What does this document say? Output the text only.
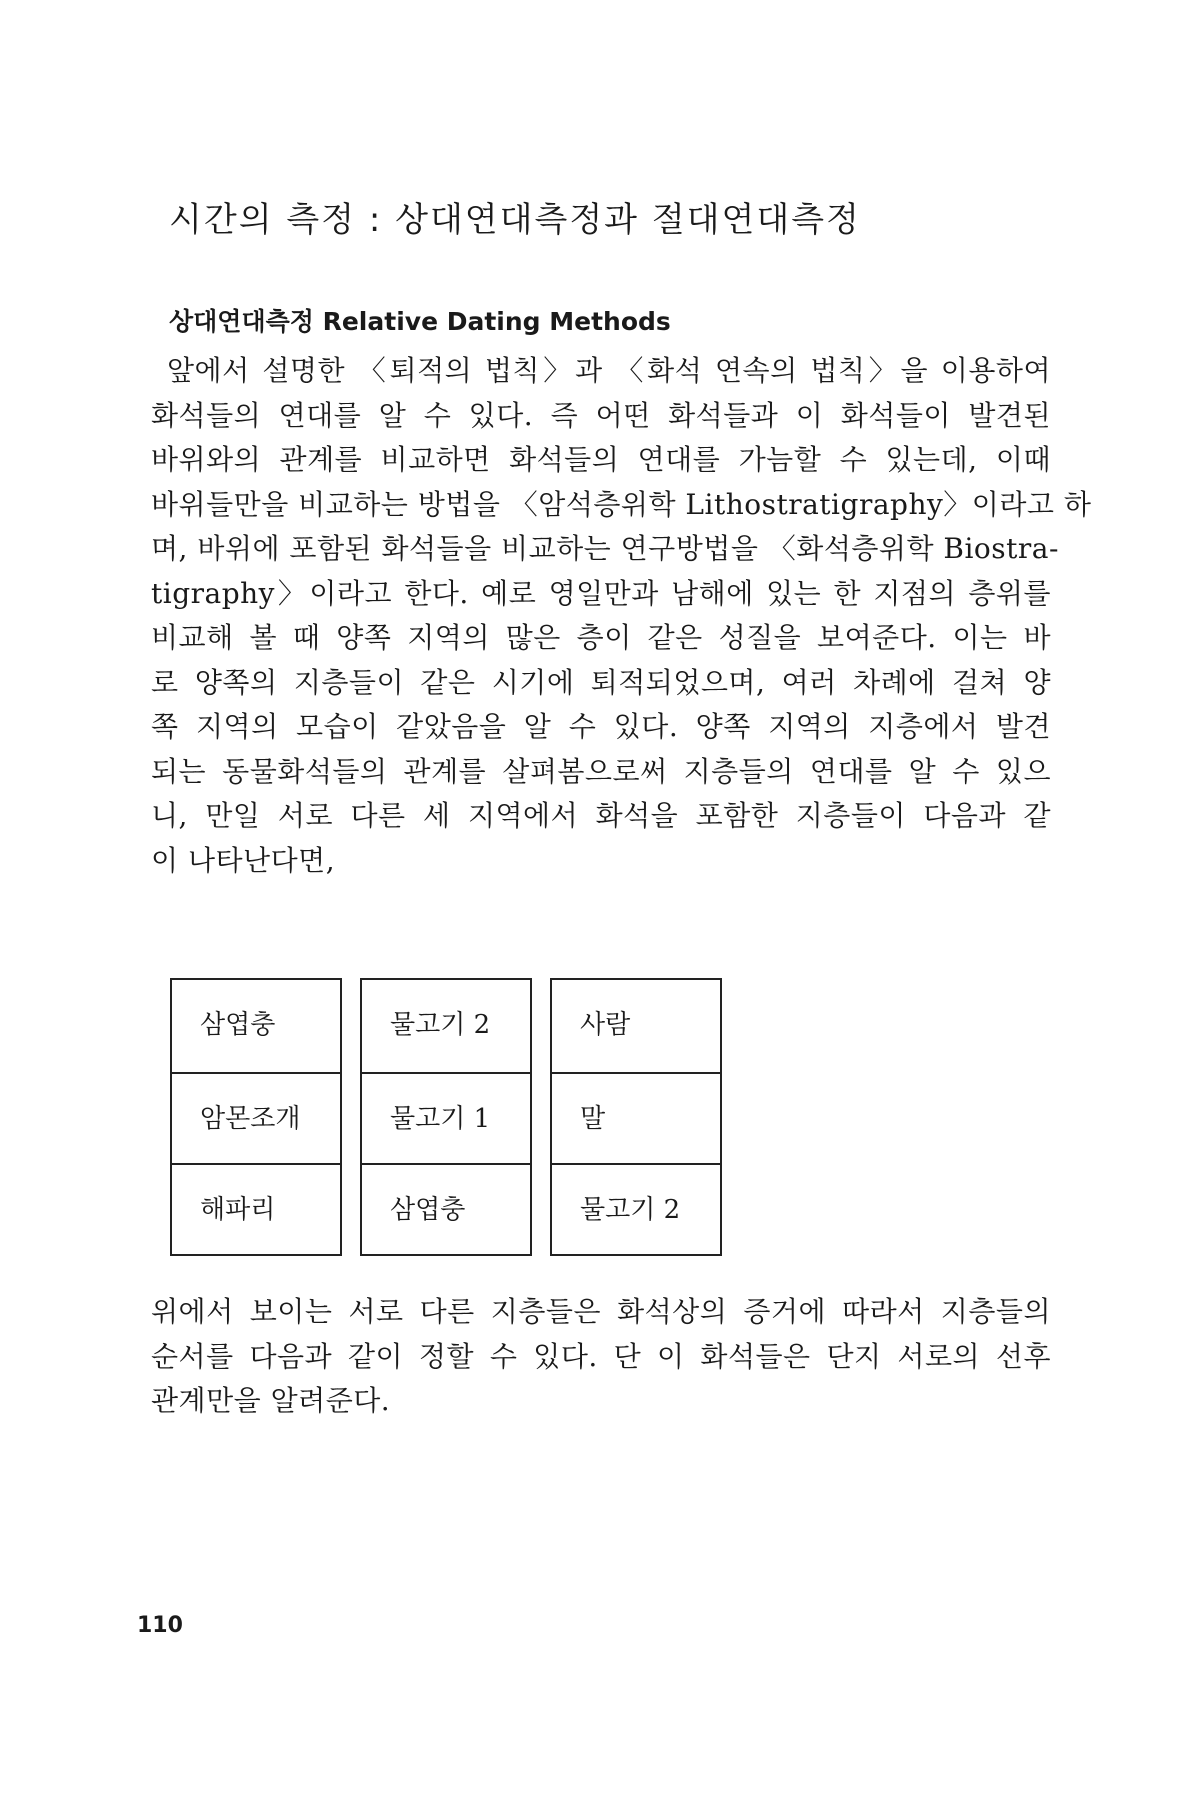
시간의 측정 : 상대연대측정과 절대연대측정
상대연대측정 Relative Dating Methods
앞에서 설명한 〈퇴적의 법칙〉과 〈화석 연속의 법칙〉을 이용하여
화석들의 연대를 알 수 있다. 즉 어떤 화석들과 이 화석들이 발견된
바위와의 관계를 비교하면 화석들의 연대를 가늠할 수 있는데, 이때
바위들만을 비교하는 방법을 〈암석층위학 Lithostratigraphy〉이라고 하
며, 바위에 포함된 화석들을 비교하는 연구방법을 〈화석층위학 Biostra-
tigraphy〉이라고 한다. 예로 영일만과 남해에 있는 한 지점의 층위를
비교해 볼 때 양쪽 지역의 많은 층이 같은 성질을 보여준다. 이는 바
로 양쪽의 지층들이 같은 시기에 퇴적되었으며, 여러 차례에 걸쳐 양
쪽 지역의 모습이 같았음을 알 수 있다. 양쪽 지역의 지층에서 발견
되는 동물화석들의 관계를 살펴봄으로써 지층들의 연대를 알 수 있으
니, 만일 서로 다른 세 지역에서 화석을 포함한 지층들이 다음과 같
이 나타난다면,
삼엽충
암몬조개
해파리
물고기 2
물고기 1
삼엽충
사람
말
물고기 2
위에서 보이는 서로 다른 지층들은 화석상의 증거에 따라서 지층들의
순서를 다음과 같이 정할 수 있다. 단 이 화석들은 단지 서로의 선후
관계만을 알려준다.

110
